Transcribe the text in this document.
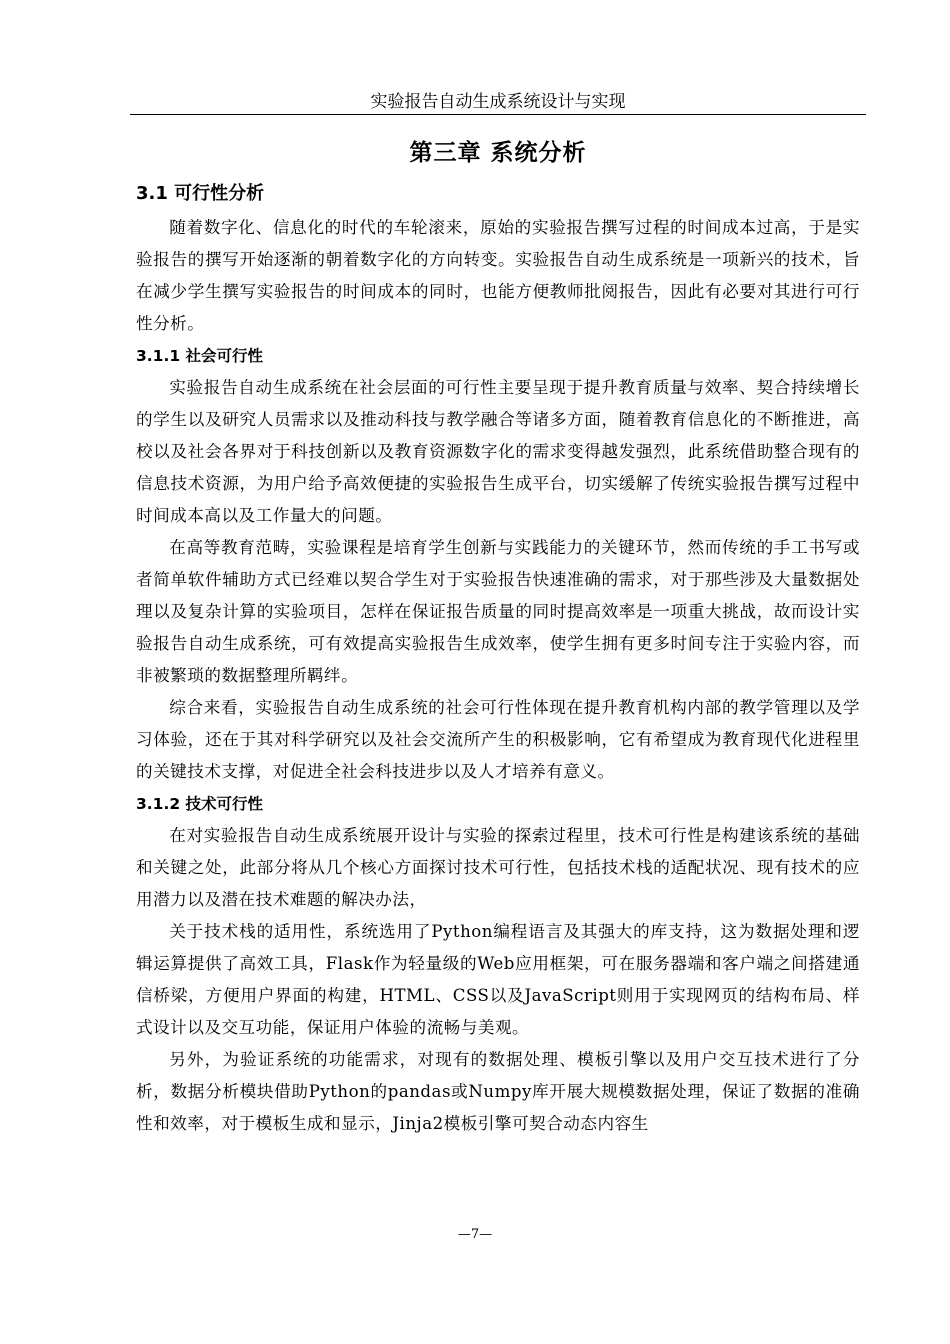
实验报告自动生成系统设计与实现
第三章 系统分析
3.1 可行性分析

随着数字化、信息化的时代的车轮滚来，原始的实验报告撰写过程的时间成本过高，于是实验报告的撰写开始逐渐的朝着数字化的方向转变。实验报告自动生成系统是一项新兴的技术，旨在减少学生撰写实验报告的时间成本的同时，也能方便教师批阅报告，因此有必要对其进行可行性分析。

3.1.1 社会可行性

实验报告自动生成系统在社会层面的可行性主要呈现于提升教育质量与效率、契合持续增长的学生以及研究人员需求以及推动科技与教学融合等诸多方面，随着教育信息化的不断推进，高校以及社会各界对于科技创新以及教育资源数字化的需求变得越发强烈，此系统借助整合现有的信息技术资源，为用户给予高效便捷的实验报告生成平台，切实缓解了传统实验报告撰写过程中时间成本高以及工作量大的问题。

在高等教育范畴，实验课程是培育学生创新与实践能力的关键环节，然而传统的手工书写或者简单软件辅助方式已经难以契合学生对于实验报告快速准确的需求，对于那些涉及大量数据处理以及复杂计算的实验项目，怎样在保证报告质量的同时提高效率是一项重大挑战，故而设计实验报告自动生成系统，可有效提高实验报告生成效率，使学生拥有更多时间专注于实验内容，而非被繁琐的数据整理所羁绊。

综合来看，实验报告自动生成系统的社会可行性体现在提升教育机构内部的教学管理以及学习体验，还在于其对科学研究以及社会交流所产生的积极影响，它有希望成为教育现代化进程里的关键技术支撑，对促进全社会科技进步以及人才培养有意义。

3.1.2 技术可行性

在对实验报告自动生成系统展开设计与实验的探索过程里，技术可行性是构建该系统的基础和关键之处，此部分将从几个核心方面探讨技术可行性，包括技术栈的适配状况、现有技术的应用潜力以及潜在技术难题的解决办法，

关于技术栈的适用性，系统选用了Python编程语言及其强大的库支持，这为数据处理和逻辑运算提供了高效工具，Flask作为轻量级的Web应用框架，可在服务器端和客户端之间搭建通信桥梁，方便用户界面的构建，HTML、CSS以及JavaScript则用于实现网页的结构布局、样式设计以及交互功能，保证用户体验的流畅与美观。

另外，为验证系统的功能需求，对现有的数据处理、模板引擎以及用户交互技术进行了分析，数据分析模块借助Python的pandas或Numpy库开展大规模数据处理，保证了数据的准确性和效率，对于模板生成和显示，Jinja2模板引擎可契合动态内容生

—7—
